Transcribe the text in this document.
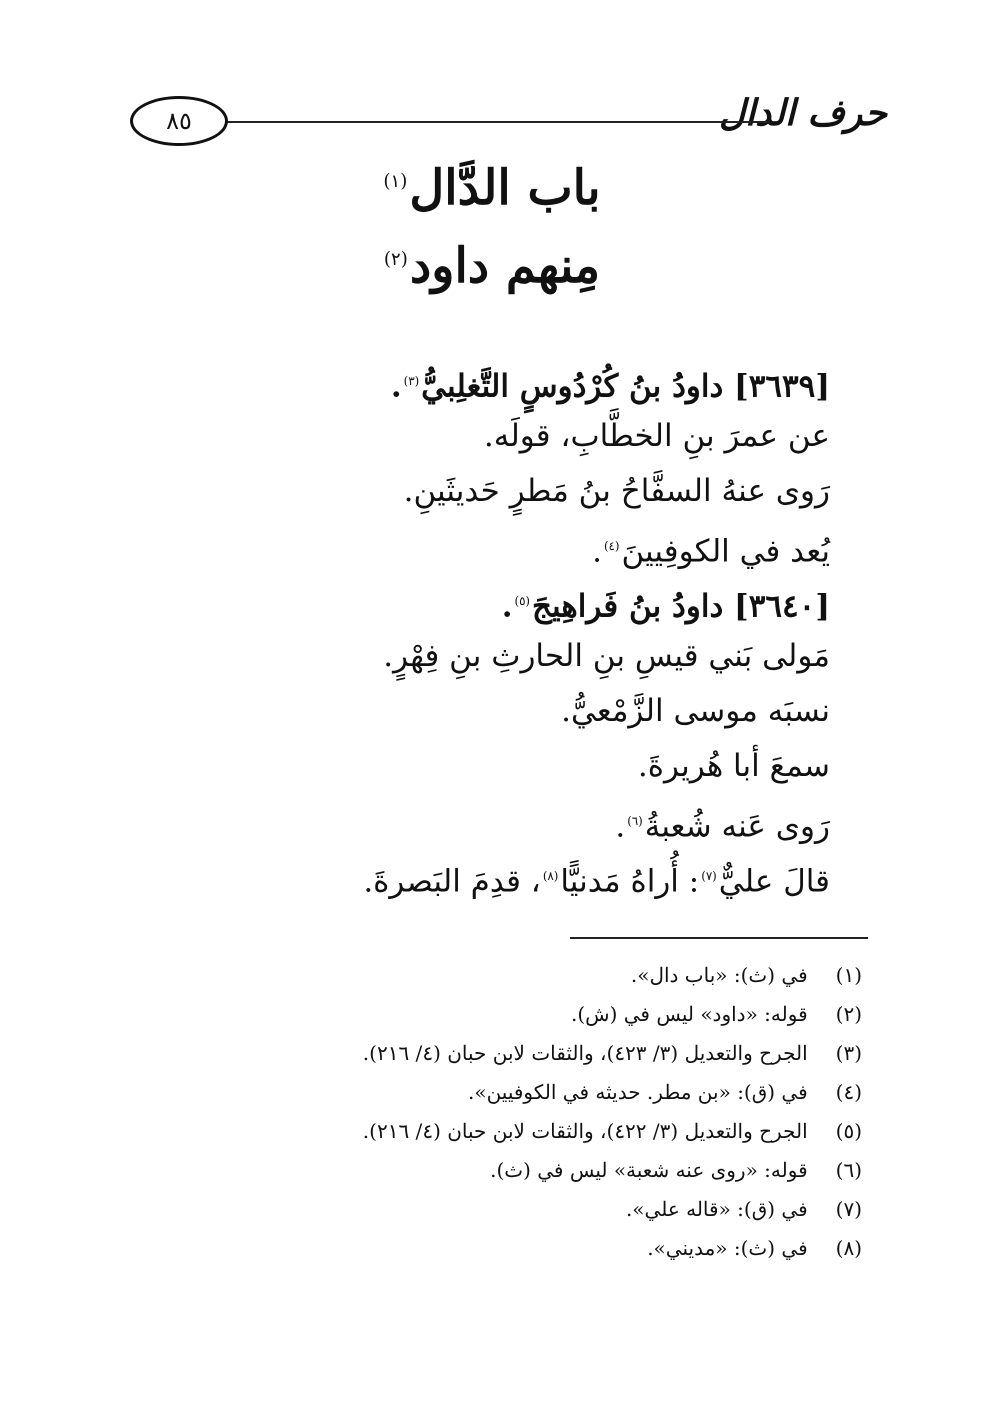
حرف الدال
٨٥
باب الدَّال$^{(١)}$
مِنهم داود$^{(٢)}$
[٣٦٣٩] داودُ بنُ كُرْدُوسٍ التَّغلِبيُّ$^{(٣)}$.
عن عمرَ بنِ الخطَّابِ، قولَه.
رَوى عنهُ السفَّاحُ بنُ مَطرٍ حَديثَينِ.
يُعد في الكوفِيينَ$^{(٤)}$.
[٣٦٤٠] داودُ بنُ فَراهِيجَ$^{(٥)}$.
مَولى بَني قيسِ بنِ الحارثِ بنِ فِهْرٍ.
نسبَه موسى الزَّمْعيُّ.
سمعَ أبا هُريرةَ.
رَوى عَنه شُعبةُ$^{(٦)}$.
قالَ عليٌّ$^{(٧)}$: أُراهُ مَدنيًّا$^{(٨)}$، قدِمَ البَصرةَ.
(١) في (ث): «باب دال».
(٢) قوله: «داود» ليس في (ش).
(٣) الجرح والتعديل (٣/ ٤٢٣)، والثقات لابن حبان (٤/ ٢١٦).
(٤) في (ق): «بن مطر. حديثه في الكوفيين».
(٥) الجرح والتعديل (٣/ ٤٢٢)، والثقات لابن حبان (٤/ ٢١٦).
(٦) قوله: «روى عنه شعبة» ليس في (ث).
(٧) في (ق): «قاله علي».
(٨) في (ث): «مديني».
